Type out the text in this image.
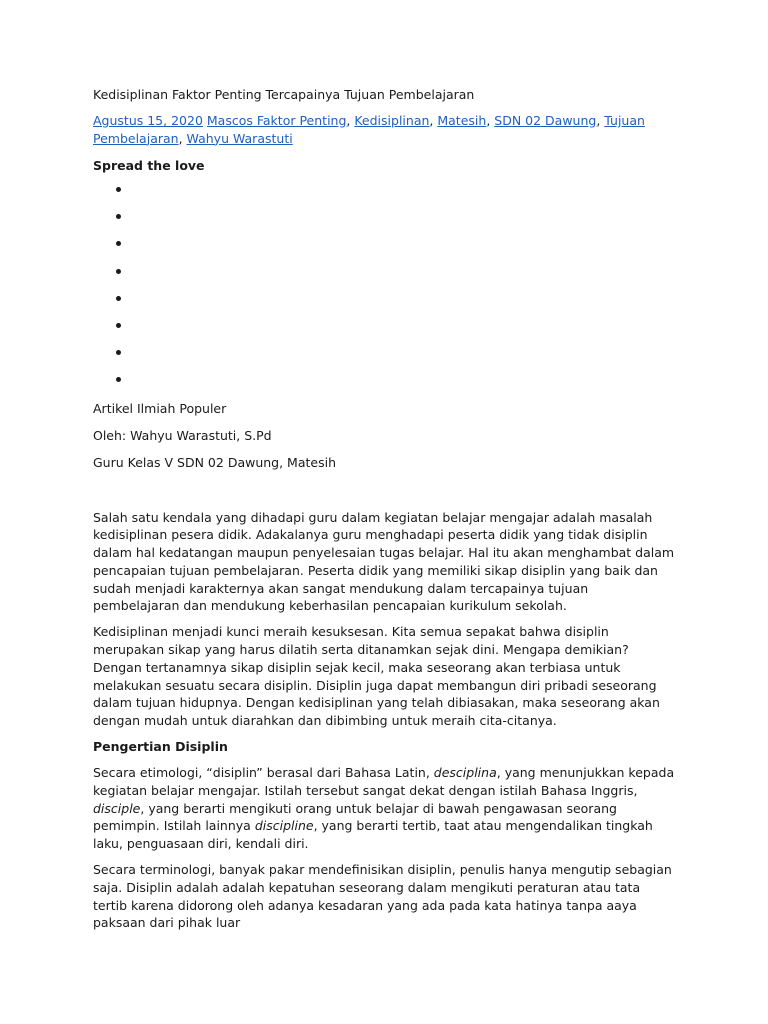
Kedisiplinan Faktor Penting Tercapainya Tujuan Pembelajaran

Agustus 15, 2020 Mascos Faktor Penting, Kedisiplinan, Matesih, SDN 02 Dawung, Tujuan Pembelajaran, Wahyu Warastuti

Spread the love

Artikel Ilmiah Populer

Oleh: Wahyu Warastuti, S.Pd

Guru Kelas V SDN 02 Dawung, Matesih

Salah satu kendala yang dihadapi guru dalam kegiatan belajar mengajar adalah masalah kedisiplinan pesera didik. Adakalanya guru menghadapi peserta didik yang tidak disiplin dalam hal kedatangan maupun penyelesaian tugas belajar. Hal itu akan menghambat dalam pencapaian tujuan pembelajaran. Peserta didik yang memiliki sikap disiplin yang baik dan sudah menjadi karakternya akan sangat mendukung dalam tercapainya tujuan pembelajaran dan mendukung keberhasilan pencapaian kurikulum sekolah.

Kedisiplinan menjadi kunci meraih kesuksesan. Kita semua sepakat bahwa disiplin merupakan sikap yang harus dilatih serta ditanamkan sejak dini. Mengapa demikian? Dengan tertanamnya sikap disiplin sejak kecil, maka seseorang akan terbiasa untuk melakukan sesuatu secara disiplin. Disiplin juga dapat membangun diri pribadi seseorang dalam tujuan hidupnya. Dengan kedisiplinan yang telah dibiasakan, maka seseorang akan dengan mudah untuk diarahkan dan dibimbing untuk meraih cita-citanya.

Pengertian Disiplin

Secara etimologi, “disiplin” berasal dari Bahasa Latin, desciplina, yang menunjukkan kepada kegiatan belajar mengajar. Istilah tersebut sangat dekat dengan istilah Bahasa Inggris, disciple, yang berarti mengikuti orang untuk belajar di bawah pengawasan seorang pemimpin. Istilah lainnya discipline, yang berarti tertib, taat atau mengendalikan tingkah laku, penguasaan diri, kendali diri.

Secara terminologi, banyak pakar mendefinisikan disiplin, penulis hanya mengutip sebagian saja. Disiplin adalah adalah kepatuhan seseorang dalam mengikuti peraturan atau tata tertib karena didorong oleh adanya kesadaran yang ada pada kata hatinya tanpa aaya paksaan dari pihak luar
